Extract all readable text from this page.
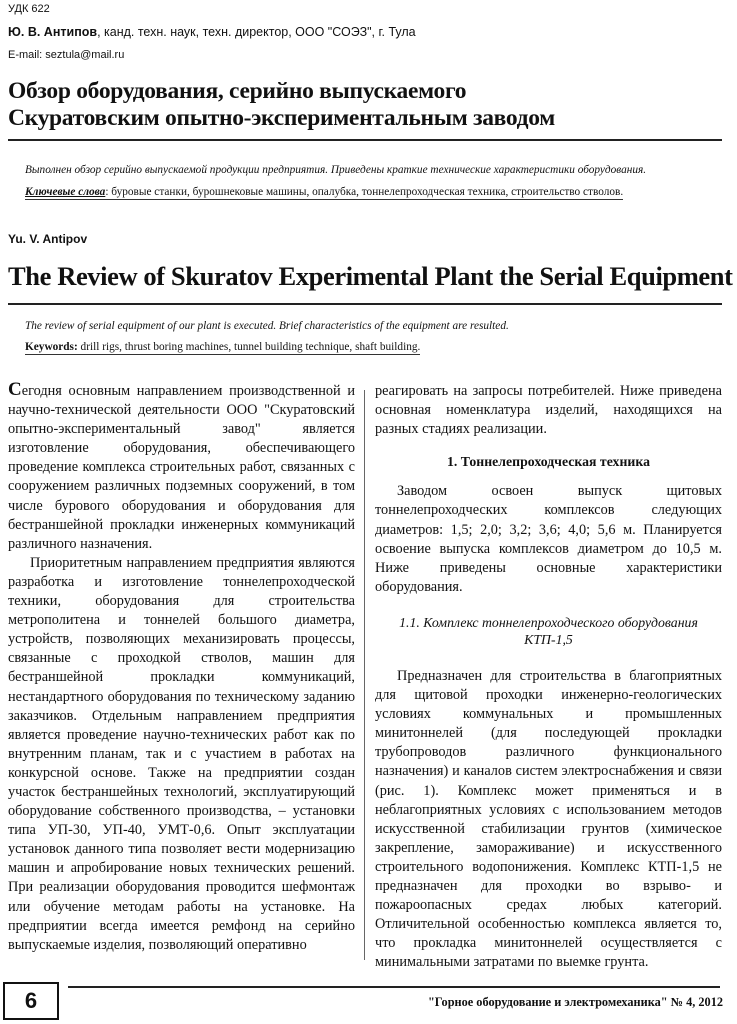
УДК 622
Ю. В. Антипов, канд. техн. наук, техн. директор, ООО "СОЭЗ", г. Тула
E-mail: seztula@mail.ru
Обзор оборудования, серийно выпускаемого
Скуратовским опытно-экспериментальным заводом
Выполнен обзор серийно выпускаемой продукции предприятия. Приведены краткие технические характеристики оборудования.
Ключевые слова: буровые станки, бурошнековые машины, опалубка, тоннелепроходческая техника, строительство стволов.
Yu. V. Antipov
The Review of Skuratov Experimental Plant the Serial Equipment
The review of serial equipment of our plant is executed. Brief characteristics of the equipment are resulted.
Keywords: drill rigs, thrust boring machines, tunnel building technique, shaft building.

Сегодня основным направлением производственной и научно-технической деятельности ООО "Скуратовский опытно-экспериментальный завод" является изготовление оборудования, обеспечивающего проведение комплекса строительных работ, связанных с сооружением различных подземных сооружений, в том числе бурового оборудования и оборудования для бестраншейной прокладки инженерных коммуникаций различного назначения.

Приоритетным направлением предприятия являются разработка и изготовление тоннелепроходческой техники, оборудования для строительства метрополитена и тоннелей большого диаметра, устройств, позволяющих механизировать процессы, связанные с проходкой стволов, машин для бестраншейной прокладки коммуникаций, нестандартного оборудования по техническому заданию заказчиков. Отдельным направлением предприятия является проведение научно-технических работ как по внутренним планам, так и с участием в работах на конкурсной основе. Также на предприятии создан участок бестраншейных технологий, эксплуатирующий оборудование собственного производства, – установки типа УП-30, УП-40, УМТ-0,6. Опыт эксплуатации установок данного типа позволяет вести модернизацию машин и апробирование новых технических решений. При реализации оборудования проводится шефмонтаж или обучение методам работы на установке. На предприятии всегда имеется ремфонд на серийно выпускаемые изделия, позволяющий оперативно

реагировать на запросы потребителей. Ниже приведена основная номенклатура изделий, находящихся на разных стадиях реализации.

1. Тоннелепроходческая техника

Заводом освоен выпуск щитовых тоннелепроходческих комплексов следующих диаметров: 1,5; 2,0; 3,2; 3,6; 4,0; 5,6 м. Планируется освоение выпуска комплексов диаметром до 10,5 м. Ниже приведены основные характеристики оборудования.

1.1. Комплекс тоннелепроходческого оборудования
КТП-1,5

Предназначен для строительства в благоприятных для щитовой проходки инженерно-геологических условиях коммунальных и промышленных минитоннелей (для последующей прокладки трубопроводов различного функционального назначения) и каналов систем электроснабжения и связи (рис. 1). Комплекс может применяться и в неблагоприятных условиях с использованием методов искусственной стабилизации грунтов (химическое закрепление, замораживание) и искусственного строительного водопонижения. Комплекс КТП-1,5 не предназначен для проходки во взрыво- и пожароопасных средах любых категорий. Отличительной особенностью комплекса является то, что прокладка минитоннелей осуществляется с минимальными затратами по выемке грунта.

6	"Горное оборудование и электромеханика" № 4, 2012
